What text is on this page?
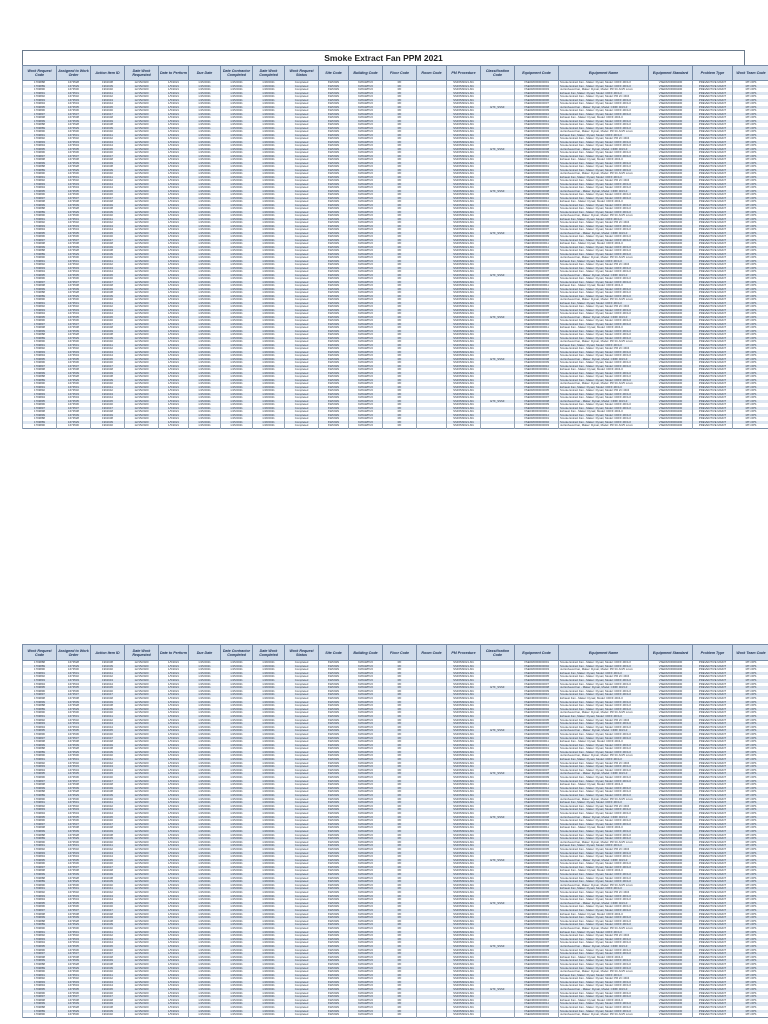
Smoke Extract Fan PPM 2021
Work Request Code	Assigned to Work Order	Action Item ID	Date Work Requested	Date to Perform	Due Date	Date Contractor Completed	Date Work Completed	Work Request Status	Site Code	Building Code	Floor Code	Room Code	PM Procedure	Classification Code	Equipment Code	Equipment Name	Equipment Standard	Problem Type	Work Team Code
1799888	1673528	1991638	12/15/2020	1/5/2021	1/15/2021	1/15/2021	1/18/2021	Completed	KWGWN	KWGWPU6	RF		SSFPM2021-M1		VSEDMOR0000001	Smoke Extract Fan - Maker: Dynair, Model: CDFF 4D/4-0	VSEDMOR000400	PREVENTIVE MAINT	MT-OPS
1799889	1673529	1991639	12/15/2020	1/5/2021	1/15/2021	1/15/2021	1/18/2021	Completed	KWGWN	KWGWPU6	RF		SSFPM2021-M1		VSEDMOR0000002	Smoke Extract Fan - Maker: Dynair, Model: CDFF 4D/4-0	VSEDMOR000400	PREVENTIVE MAINT	MT-OPS
1799890	1673530	1991640	12/15/2020	1/5/2021	1/15/2021	1/15/2021	1/18/2021	Completed	KWGWN	KWGWPU6	RF		SSFPM2021-M1		VSEDMOR0000003	Jet Exhaust Fan, Maker: Dynair, Model: PR 3C AO/5 xxxxx	VSEDMOR000400	PREVENTIVE MAINT	MT-OPS
1799891	1673531	1991641	12/15/2020	1/5/2021	1/15/2021	1/15/2021	1/18/2021	Completed	KWGWN	KWGWPU6	RF		SSFPM2021-M1		VSEDMOR0000004	Exhaust Fan, Maker: Dynair, Model: CDFF 4D/4-0	VSEDMOR000400	PREVENTIVE MAINT	MT-OPS
1799892	1673532	1991642	12/15/2020	1/5/2021	1/15/2021	1/15/2021	1/18/2021	Completed	KWGWN	KWGWPU6	RF		SSFPM2021-M1		VSEDMOR0000005	Smoke Extract Fan - Maker: Dynair, Model: PR 2C 4D/4	VSEDMOR000400	PREVENTIVE MAINT	MT-OPS
1799893	1673533	1991643	12/15/2020	1/5/2021	1/15/2021	1/15/2021	1/18/2021	Completed	KWGWN	KWGWPU6	RF		SSFPM2021-M1		VSEDMOR0000006	Smoke Extract Fan - Maker: Dynair, Model: CDFF 4D/4-0	VSEDMOR000400	PREVENTIVE MAINT	MT-OPS
1799894	1673534	1991644	12/15/2020	1/5/2021	1/15/2021	1/15/2021	1/18/2021	Completed	KWGWN	KWGWPU6	RF		SSFPM2021-M1		VSEDMOR0000007	Smoke Extract Fan - Maker: Dynair, Model: CDFF 4D/4-0	VSEDMOR000400	PREVENTIVE MAINT	MT-OPS
1799895	1673535	1991645	12/15/2020	1/5/2021	1/15/2021	1/15/2021	1/18/2021	Completed	KWGWN	KWGWPU6	RF		SSFPM2021-M1	ETF_SSSF	VSEDMOR0000008	Jet Exhaust Fan - Maker: Dynair, Model: CDFF 4D/4-0	VSEDMOR000400	PREVENTIVE MAINT	MT-OPS
1799896	1673536	1991646	12/15/2020	1/5/2021	1/15/2021	1/15/2021	1/18/2021	Completed	KWGWN	KWGWPU6	RF		SSFPM2021-M1		VSEDMOR0000009	Smoke Extract Fan - Maker: Dynair, Model: CDFF 4D/4-0	VSEDMOR000400	PREVENTIVE MAINT	MT-OPS
1799897	1673537	1991647	12/15/2020	1/5/2021	1/15/2021	1/15/2021	1/18/2021	Completed	KWGWN	KWGWPU6	RF		SSFPM2021-M1		VSEDMOR0000010	Smoke Extract Fan - Maker: Dynair, Model: CDFF 4D/4-0	VSEDMOR000400	PREVENTIVE MAINT	MT-OPS
1799898	1673538	1991648	12/15/2020	1/5/2021	1/15/2021	1/15/2021	1/18/2021	Completed	KWGWN	KWGWPU6	RF		SSFPM2021-M1		VSEDMOR0000011	Exhaust Fan - Maker: Dynair, Model: CDFF 4D/4-0	VSEDMOR000400	PREVENTIVE MAINT	MT-OPS
1799899	1673539	1991649	12/15/2020	1/5/2021	1/15/2021	1/15/2021	1/18/2021	Completed	KWGWN	KWGWPU6	RF		SSFPM2021-M1		VSEDMOR0000012	Smoke Extract Fan - Maker: Dynair, Model: CDFF 4D/4-0	VSEDMOR000400	PREVENTIVE MAINT	MT-OPS
1799888	1673528	1991638	12/15/2020	1/5/2021	1/15/2021	1/15/2021	1/18/2021	Completed	KWGWN	KWGWPU6	RF		SSFPM2021-M1		VSEDMOR0000001	Smoke Extract Fan - Maker: Dynair, Model: CDFF 4D/4-0	VSEDMOR000400	PREVENTIVE MAINT	MT-OPS
1799889	1673529	1991639	12/15/2020	1/5/2021	1/15/2021	1/15/2021	1/18/2021	Completed	KWGWN	KWGWPU6	RF		SSFPM2021-M1		VSEDMOR0000002	Smoke Extract Fan - Maker: Dynair, Model: CDFF 4D/4-0	VSEDMOR000400	PREVENTIVE MAINT	MT-OPS
1799890	1673530	1991640	12/15/2020	1/5/2021	1/15/2021	1/15/2021	1/18/2021	Completed	KWGWN	KWGWPU6	RF		SSFPM2021-M1		VSEDMOR0000003	Jet Exhaust Fan, Maker: Dynair, Model: PR 3C AO/5 xxxxx	VSEDMOR000400	PREVENTIVE MAINT	MT-OPS
1799891	1673531	1991641	12/15/2020	1/5/2021	1/15/2021	1/15/2021	1/18/2021	Completed	KWGWN	KWGWPU6	RF		SSFPM2021-M1		VSEDMOR0000004	Exhaust Fan, Maker: Dynair, Model: CDFF 4D/4-0	VSEDMOR000400	PREVENTIVE MAINT	MT-OPS
1799892	1673532	1991642	12/15/2020	1/5/2021	1/15/2021	1/15/2021	1/18/2021	Completed	KWGWN	KWGWPU6	RF		SSFPM2021-M1		VSEDMOR0000005	Smoke Extract Fan - Maker: Dynair, Model: PR 2C 4D/4	VSEDMOR000400	PREVENTIVE MAINT	MT-OPS
1799893	1673533	1991643	12/15/2020	1/5/2021	1/15/2021	1/15/2021	1/18/2021	Completed	KWGWN	KWGWPU6	RF		SSFPM2021-M1		VSEDMOR0000006	Smoke Extract Fan - Maker: Dynair, Model: CDFF 4D/4-0	VSEDMOR000400	PREVENTIVE MAINT	MT-OPS
1799894	1673534	1991644	12/15/2020	1/5/2021	1/15/2021	1/15/2021	1/18/2021	Completed	KWGWN	KWGWPU6	RF		SSFPM2021-M1		VSEDMOR0000007	Smoke Extract Fan - Maker: Dynair, Model: CDFF 4D/4-0	VSEDMOR000400	PREVENTIVE MAINT	MT-OPS
1799895	1673535	1991645	12/15/2020	1/5/2021	1/15/2021	1/15/2021	1/18/2021	Completed	KWGWN	KWGWPU6	RF		SSFPM2021-M1	ETF_SSSF	VSEDMOR0000008	Jet Exhaust Fan - Maker: Dynair, Model: CDFF 4D/4-0	VSEDMOR000400	PREVENTIVE MAINT	MT-OPS
1799896	1673536	1991646	12/15/2020	1/5/2021	1/15/2021	1/15/2021	1/18/2021	Completed	KWGWN	KWGWPU6	RF		SSFPM2021-M1		VSEDMOR0000009	Smoke Extract Fan - Maker: Dynair, Model: CDFF 4D/4-0	VSEDMOR000400	PREVENTIVE MAINT	MT-OPS
1799897	1673537	1991647	12/15/2020	1/5/2021	1/15/2021	1/15/2021	1/18/2021	Completed	KWGWN	KWGWPU6	RF		SSFPM2021-M1		VSEDMOR0000010	Smoke Extract Fan - Maker: Dynair, Model: CDFF 4D/4-0	VSEDMOR000400	PREVENTIVE MAINT	MT-OPS
1799898	1673538	1991648	12/15/2020	1/5/2021	1/15/2021	1/15/2021	1/18/2021	Completed	KWGWN	KWGWPU6	RF		SSFPM2021-M1		VSEDMOR0000011	Exhaust Fan - Maker: Dynair, Model: CDFF 4D/4-0	VSEDMOR000400	PREVENTIVE MAINT	MT-OPS
1799899	1673539	1991649	12/15/2020	1/5/2021	1/15/2021	1/15/2021	1/18/2021	Completed	KWGWN	KWGWPU6	RF		SSFPM2021-M1		VSEDMOR0000012	Smoke Extract Fan - Maker: Dynair, Model: CDFF 4D/4-0	VSEDMOR000400	PREVENTIVE MAINT	MT-OPS
1799888	1673528	1991638	12/15/2020	1/5/2021	1/15/2021	1/15/2021	1/18/2021	Completed	KWGWN	KWGWPU6	RF		SSFPM2021-M1		VSEDMOR0000001	Smoke Extract Fan - Maker: Dynair, Model: CDFF 4D/4-0	VSEDMOR000400	PREVENTIVE MAINT	MT-OPS
1799889	1673529	1991639	12/15/2020	1/5/2021	1/15/2021	1/15/2021	1/18/2021	Completed	KWGWN	KWGWPU6	RF		SSFPM2021-M1		VSEDMOR0000002	Smoke Extract Fan - Maker: Dynair, Model: CDFF 4D/4-0	VSEDMOR000400	PREVENTIVE MAINT	MT-OPS
1799890	1673530	1991640	12/15/2020	1/5/2021	1/15/2021	1/15/2021	1/18/2021	Completed	KWGWN	KWGWPU6	RF		SSFPM2021-M1		VSEDMOR0000003	Jet Exhaust Fan, Maker: Dynair, Model: PR 3C AO/5 xxxxx	VSEDMOR000400	PREVENTIVE MAINT	MT-OPS
1799891	1673531	1991641	12/15/2020	1/5/2021	1/15/2021	1/15/2021	1/18/2021	Completed	KWGWN	KWGWPU6	RF		SSFPM2021-M1		VSEDMOR0000004	Exhaust Fan, Maker: Dynair, Model: CDFF 4D/4-0	VSEDMOR000400	PREVENTIVE MAINT	MT-OPS
1799892	1673532	1991642	12/15/2020	1/5/2021	1/15/2021	1/15/2021	1/18/2021	Completed	KWGWN	KWGWPU6	RF		SSFPM2021-M1		VSEDMOR0000005	Smoke Extract Fan - Maker: Dynair, Model: PR 2C 4D/4	VSEDMOR000400	PREVENTIVE MAINT	MT-OPS
1799893	1673533	1991643	12/15/2020	1/5/2021	1/15/2021	1/15/2021	1/18/2021	Completed	KWGWN	KWGWPU6	RF		SSFPM2021-M1		VSEDMOR0000006	Smoke Extract Fan - Maker: Dynair, Model: CDFF 4D/4-0	VSEDMOR000400	PREVENTIVE MAINT	MT-OPS
1799894	1673534	1991644	12/15/2020	1/5/2021	1/15/2021	1/15/2021	1/18/2021	Completed	KWGWN	KWGWPU6	RF		SSFPM2021-M1		VSEDMOR0000007	Smoke Extract Fan - Maker: Dynair, Model: CDFF 4D/4-0	VSEDMOR000400	PREVENTIVE MAINT	MT-OPS
1799895	1673535	1991645	12/15/2020	1/5/2021	1/15/2021	1/15/2021	1/18/2021	Completed	KWGWN	KWGWPU6	RF		SSFPM2021-M1	ETF_SSSF	VSEDMOR0000008	Jet Exhaust Fan - Maker: Dynair, Model: CDFF 4D/4-0	VSEDMOR000400	PREVENTIVE MAINT	MT-OPS
1799896	1673536	1991646	12/15/2020	1/5/2021	1/15/2021	1/15/2021	1/18/2021	Completed	KWGWN	KWGWPU6	RF		SSFPM2021-M1		VSEDMOR0000009	Smoke Extract Fan - Maker: Dynair, Model: CDFF 4D/4-0	VSEDMOR000400	PREVENTIVE MAINT	MT-OPS
1799897	1673537	1991647	12/15/2020	1/5/2021	1/15/2021	1/15/2021	1/18/2021	Completed	KWGWN	KWGWPU6	RF		SSFPM2021-M1		VSEDMOR0000010	Smoke Extract Fan - Maker: Dynair, Model: CDFF 4D/4-0	VSEDMOR000400	PREVENTIVE MAINT	MT-OPS
1799898	1673538	1991648	12/15/2020	1/5/2021	1/15/2021	1/15/2021	1/18/2021	Completed	KWGWN	KWGWPU6	RF		SSFPM2021-M1		VSEDMOR0000011	Exhaust Fan - Maker: Dynair, Model: CDFF 4D/4-0	VSEDMOR000400	PREVENTIVE MAINT	MT-OPS
1799899	1673539	1991649	12/15/2020	1/5/2021	1/15/2021	1/15/2021	1/18/2021	Completed	KWGWN	KWGWPU6	RF		SSFPM2021-M1		VSEDMOR0000012	Smoke Extract Fan - Maker: Dynair, Model: CDFF 4D/4-0	VSEDMOR000400	PREVENTIVE MAINT	MT-OPS
1799888	1673528	1991638	12/15/2020	1/5/2021	1/15/2021	1/15/2021	1/18/2021	Completed	KWGWN	KWGWPU6	RF		SSFPM2021-M1		VSEDMOR0000001	Smoke Extract Fan - Maker: Dynair, Model: CDFF 4D/4-0	VSEDMOR000400	PREVENTIVE MAINT	MT-OPS
1799889	1673529	1991639	12/15/2020	1/5/2021	1/15/2021	1/15/2021	1/18/2021	Completed	KWGWN	KWGWPU6	RF		SSFPM2021-M1		VSEDMOR0000002	Smoke Extract Fan - Maker: Dynair, Model: CDFF 4D/4-0	VSEDMOR000400	PREVENTIVE MAINT	MT-OPS
1799890	1673530	1991640	12/15/2020	1/5/2021	1/15/2021	1/15/2021	1/18/2021	Completed	KWGWN	KWGWPU6	RF		SSFPM2021-M1		VSEDMOR0000003	Jet Exhaust Fan, Maker: Dynair, Model: PR 3C AO/5 xxxxx	VSEDMOR000400	PREVENTIVE MAINT	MT-OPS
1799891	1673531	1991641	12/15/2020	1/5/2021	1/15/2021	1/15/2021	1/18/2021	Completed	KWGWN	KWGWPU6	RF		SSFPM2021-M1		VSEDMOR0000004	Exhaust Fan, Maker: Dynair, Model: CDFF 4D/4-0	VSEDMOR000400	PREVENTIVE MAINT	MT-OPS
1799892	1673532	1991642	12/15/2020	1/5/2021	1/15/2021	1/15/2021	1/18/2021	Completed	KWGWN	KWGWPU6	RF		SSFPM2021-M1		VSEDMOR0000005	Smoke Extract Fan - Maker: Dynair, Model: PR 2C 4D/4	VSEDMOR000400	PREVENTIVE MAINT	MT-OPS
1799893	1673533	1991643	12/15/2020	1/5/2021	1/15/2021	1/15/2021	1/18/2021	Completed	KWGWN	KWGWPU6	RF		SSFPM2021-M1		VSEDMOR0000006	Smoke Extract Fan - Maker: Dynair, Model: CDFF 4D/4-0	VSEDMOR000400	PREVENTIVE MAINT	MT-OPS
1799894	1673534	1991644	12/15/2020	1/5/2021	1/15/2021	1/15/2021	1/18/2021	Completed	KWGWN	KWGWPU6	RF		SSFPM2021-M1		VSEDMOR0000007	Smoke Extract Fan - Maker: Dynair, Model: CDFF 4D/4-0	VSEDMOR000400	PREVENTIVE MAINT	MT-OPS
1799895	1673535	1991645	12/15/2020	1/5/2021	1/15/2021	1/15/2021	1/18/2021	Completed	KWGWN	KWGWPU6	RF		SSFPM2021-M1	ETF_SSSF	VSEDMOR0000008	Jet Exhaust Fan - Maker: Dynair, Model: CDFF 4D/4-0	VSEDMOR000400	PREVENTIVE MAINT	MT-OPS
1799896	1673536	1991646	12/15/2020	1/5/2021	1/15/2021	1/15/2021	1/18/2021	Completed	KWGWN	KWGWPU6	RF		SSFPM2021-M1		VSEDMOR0000009	Smoke Extract Fan - Maker: Dynair, Model: CDFF 4D/4-0	VSEDMOR000400	PREVENTIVE MAINT	MT-OPS
1799897	1673537	1991647	12/15/2020	1/5/2021	1/15/2021	1/15/2021	1/18/2021	Completed	KWGWN	KWGWPU6	RF		SSFPM2021-M1		VSEDMOR0000010	Smoke Extract Fan - Maker: Dynair, Model: CDFF 4D/4-0	VSEDMOR000400	PREVENTIVE MAINT	MT-OPS
1799898	1673538	1991648	12/15/2020	1/5/2021	1/15/2021	1/15/2021	1/18/2021	Completed	KWGWN	KWGWPU6	RF		SSFPM2021-M1		VSEDMOR0000011	Exhaust Fan - Maker: Dynair, Model: CDFF 4D/4-0	VSEDMOR000400	PREVENTIVE MAINT	MT-OPS
1799899	1673539	1991649	12/15/2020	1/5/2021	1/15/2021	1/15/2021	1/18/2021	Completed	KWGWN	KWGWPU6	RF		SSFPM2021-M1		VSEDMOR0000012	Smoke Extract Fan - Maker: Dynair, Model: CDFF 4D/4-0	VSEDMOR000400	PREVENTIVE MAINT	MT-OPS
1799888	1673528	1991638	12/15/2020	1/5/2021	1/15/2021	1/15/2021	1/18/2021	Completed	KWGWN	KWGWPU6	RF		SSFPM2021-M1		VSEDMOR0000001	Smoke Extract Fan - Maker: Dynair, Model: CDFF 4D/4-0	VSEDMOR000400	PREVENTIVE MAINT	MT-OPS
1799889	1673529	1991639	12/15/2020	1/5/2021	1/15/2021	1/15/2021	1/18/2021	Completed	KWGWN	KWGWPU6	RF		SSFPM2021-M1		VSEDMOR0000002	Smoke Extract Fan - Maker: Dynair, Model: CDFF 4D/4-0	VSEDMOR000400	PREVENTIVE MAINT	MT-OPS
1799890	1673530	1991640	12/15/2020	1/5/2021	1/15/2021	1/15/2021	1/18/2021	Completed	KWGWN	KWGWPU6	RF		SSFPM2021-M1		VSEDMOR0000003	Jet Exhaust Fan, Maker: Dynair, Model: PR 3C AO/5 xxxxx	VSEDMOR000400	PREVENTIVE MAINT	MT-OPS
1799891	1673531	1991641	12/15/2020	1/5/2021	1/15/2021	1/15/2021	1/18/2021	Completed	KWGWN	KWGWPU6	RF		SSFPM2021-M1		VSEDMOR0000004	Exhaust Fan, Maker: Dynair, Model: CDFF 4D/4-0	VSEDMOR000400	PREVENTIVE MAINT	MT-OPS
1799892	1673532	1991642	12/15/2020	1/5/2021	1/15/2021	1/15/2021	1/18/2021	Completed	KWGWN	KWGWPU6	RF		SSFPM2021-M1		VSEDMOR0000005	Smoke Extract Fan - Maker: Dynair, Model: PR 2C 4D/4	VSEDMOR000400	PREVENTIVE MAINT	MT-OPS
1799893	1673533	1991643	12/15/2020	1/5/2021	1/15/2021	1/15/2021	1/18/2021	Completed	KWGWN	KWGWPU6	RF		SSFPM2021-M1		VSEDMOR0000006	Smoke Extract Fan - Maker: Dynair, Model: CDFF 4D/4-0	VSEDMOR000400	PREVENTIVE MAINT	MT-OPS
1799894	1673534	1991644	12/15/2020	1/5/2021	1/15/2021	1/15/2021	1/18/2021	Completed	KWGWN	KWGWPU6	RF		SSFPM2021-M1		VSEDMOR0000007	Smoke Extract Fan - Maker: Dynair, Model: CDFF 4D/4-0	VSEDMOR000400	PREVENTIVE MAINT	MT-OPS
1799895	1673535	1991645	12/15/2020	1/5/2021	1/15/2021	1/15/2021	1/18/2021	Completed	KWGWN	KWGWPU6	RF		SSFPM2021-M1	ETF_SSSF	VSEDMOR0000008	Jet Exhaust Fan - Maker: Dynair, Model: CDFF 4D/4-0	VSEDMOR000400	PREVENTIVE MAINT	MT-OPS
1799896	1673536	1991646	12/15/2020	1/5/2021	1/15/2021	1/15/2021	1/18/2021	Completed	KWGWN	KWGWPU6	RF		SSFPM2021-M1		VSEDMOR0000009	Smoke Extract Fan - Maker: Dynair, Model: CDFF 4D/4-0	VSEDMOR000400	PREVENTIVE MAINT	MT-OPS
1799897	1673537	1991647	12/15/2020	1/5/2021	1/15/2021	1/15/2021	1/18/2021	Completed	KWGWN	KWGWPU6	RF		SSFPM2021-M1		VSEDMOR0000010	Smoke Extract Fan - Maker: Dynair, Model: CDFF 4D/4-0	VSEDMOR000400	PREVENTIVE MAINT	MT-OPS
1799898	1673538	1991648	12/15/2020	1/5/2021	1/15/2021	1/15/2021	1/18/2021	Completed	KWGWN	KWGWPU6	RF		SSFPM2021-M1		VSEDMOR0000011	Exhaust Fan - Maker: Dynair, Model: CDFF 4D/4-0	VSEDMOR000400	PREVENTIVE MAINT	MT-OPS
1799899	1673539	1991649	12/15/2020	1/5/2021	1/15/2021	1/15/2021	1/18/2021	Completed	KWGWN	KWGWPU6	RF		SSFPM2021-M1		VSEDMOR0000012	Smoke Extract Fan - Maker: Dynair, Model: CDFF 4D/4-0	VSEDMOR000400	PREVENTIVE MAINT	MT-OPS
1799888	1673528	1991638	12/15/2020	1/5/2021	1/15/2021	1/15/2021	1/18/2021	Completed	KWGWN	KWGWPU6	RF		SSFPM2021-M1		VSEDMOR0000001	Smoke Extract Fan - Maker: Dynair, Model: CDFF 4D/4-0	VSEDMOR000400	PREVENTIVE MAINT	MT-OPS
1799889	1673529	1991639	12/15/2020	1/5/2021	1/15/2021	1/15/2021	1/18/2021	Completed	KWGWN	KWGWPU6	RF		SSFPM2021-M1		VSEDMOR0000002	Smoke Extract Fan - Maker: Dynair, Model: CDFF 4D/4-0	VSEDMOR000400	PREVENTIVE MAINT	MT-OPS
1799890	1673530	1991640	12/15/2020	1/5/2021	1/15/2021	1/15/2021	1/18/2021	Completed	KWGWN	KWGWPU6	RF		SSFPM2021-M1		VSEDMOR0000003	Jet Exhaust Fan, Maker: Dynair, Model: PR 3C AO/5 xxxxx	VSEDMOR000400	PREVENTIVE MAINT	MT-OPS
1799891	1673531	1991641	12/15/2020	1/5/2021	1/15/2021	1/15/2021	1/18/2021	Completed	KWGWN	KWGWPU6	RF		SSFPM2021-M1		VSEDMOR0000004	Exhaust Fan, Maker: Dynair, Model: CDFF 4D/4-0	VSEDMOR000400	PREVENTIVE MAINT	MT-OPS
1799892	1673532	1991642	12/15/2020	1/5/2021	1/15/2021	1/15/2021	1/18/2021	Completed	KWGWN	KWGWPU6	RF		SSFPM2021-M1		VSEDMOR0000005	Smoke Extract Fan - Maker: Dynair, Model: PR 2C 4D/4	VSEDMOR000400	PREVENTIVE MAINT	MT-OPS
1799893	1673533	1991643	12/15/2020	1/5/2021	1/15/2021	1/15/2021	1/18/2021	Completed	KWGWN	KWGWPU6	RF		SSFPM2021-M1		VSEDMOR0000006	Smoke Extract Fan - Maker: Dynair, Model: CDFF 4D/4-0	VSEDMOR000400	PREVENTIVE MAINT	MT-OPS
1799894	1673534	1991644	12/15/2020	1/5/2021	1/15/2021	1/15/2021	1/18/2021	Completed	KWGWN	KWGWPU6	RF		SSFPM2021-M1		VSEDMOR0000007	Smoke Extract Fan - Maker: Dynair, Model: CDFF 4D/4-0	VSEDMOR000400	PREVENTIVE MAINT	MT-OPS
1799895	1673535	1991645	12/15/2020	1/5/2021	1/15/2021	1/15/2021	1/18/2021	Completed	KWGWN	KWGWPU6	RF		SSFPM2021-M1	ETF_SSSF	VSEDMOR0000008	Jet Exhaust Fan - Maker: Dynair, Model: CDFF 4D/4-0	VSEDMOR000400	PREVENTIVE MAINT	MT-OPS
1799896	1673536	1991646	12/15/2020	1/5/2021	1/15/2021	1/15/2021	1/18/2021	Completed	KWGWN	KWGWPU6	RF		SSFPM2021-M1		VSEDMOR0000009	Smoke Extract Fan - Maker: Dynair, Model: CDFF 4D/4-0	VSEDMOR000400	PREVENTIVE MAINT	MT-OPS
1799897	1673537	1991647	12/15/2020	1/5/2021	1/15/2021	1/15/2021	1/18/2021	Completed	KWGWN	KWGWPU6	RF		SSFPM2021-M1		VSEDMOR0000010	Smoke Extract Fan - Maker: Dynair, Model: CDFF 4D/4-0	VSEDMOR000400	PREVENTIVE MAINT	MT-OPS
1799898	1673538	1991648	12/15/2020	1/5/2021	1/15/2021	1/15/2021	1/18/2021	Completed	KWGWN	KWGWPU6	RF		SSFPM2021-M1		VSEDMOR0000011	Exhaust Fan - Maker: Dynair, Model: CDFF 4D/4-0	VSEDMOR000400	PREVENTIVE MAINT	MT-OPS
1799899	1673539	1991649	12/15/2020	1/5/2021	1/15/2021	1/15/2021	1/18/2021	Completed	KWGWN	KWGWPU6	RF		SSFPM2021-M1		VSEDMOR0000012	Smoke Extract Fan - Maker: Dynair, Model: CDFF 4D/4-0	VSEDMOR000400	PREVENTIVE MAINT	MT-OPS
1799888	1673528	1991638	12/15/2020	1/5/2021	1/15/2021	1/15/2021	1/18/2021	Completed	KWGWN	KWGWPU6	RF		SSFPM2021-M1		VSEDMOR0000001	Smoke Extract Fan - Maker: Dynair, Model: CDFF 4D/4-0	VSEDMOR000400	PREVENTIVE MAINT	MT-OPS
1799889	1673529	1991639	12/15/2020	1/5/2021	1/15/2021	1/15/2021	1/18/2021	Completed	KWGWN	KWGWPU6	RF		SSFPM2021-M1		VSEDMOR0000002	Smoke Extract Fan - Maker: Dynair, Model: CDFF 4D/4-0	VSEDMOR000400	PREVENTIVE MAINT	MT-OPS
1799890	1673530	1991640	12/15/2020	1/5/2021	1/15/2021	1/15/2021	1/18/2021	Completed	KWGWN	KWGWPU6	RF		SSFPM2021-M1		VSEDMOR0000003	Jet Exhaust Fan, Maker: Dynair, Model: PR 3C AO/5 xxxxx	VSEDMOR000400	PREVENTIVE MAINT	MT-OPS
1799891	1673531	1991641	12/15/2020	1/5/2021	1/15/2021	1/15/2021	1/18/2021	Completed	KWGWN	KWGWPU6	RF		SSFPM2021-M1		VSEDMOR0000004	Exhaust Fan, Maker: Dynair, Model: CDFF 4D/4-0	VSEDMOR000400	PREVENTIVE MAINT	MT-OPS
1799892	1673532	1991642	12/15/2020	1/5/2021	1/15/2021	1/15/2021	1/18/2021	Completed	KWGWN	KWGWPU6	RF		SSFPM2021-M1		VSEDMOR0000005	Smoke Extract Fan - Maker: Dynair, Model: PR 2C 4D/4	VSEDMOR000400	PREVENTIVE MAINT	MT-OPS
1799893	1673533	1991643	12/15/2020	1/5/2021	1/15/2021	1/15/2021	1/18/2021	Completed	KWGWN	KWGWPU6	RF		SSFPM2021-M1		VSEDMOR0000006	Smoke Extract Fan - Maker: Dynair, Model: CDFF 4D/4-0	VSEDMOR000400	PREVENTIVE MAINT	MT-OPS
1799894	1673534	1991644	12/15/2020	1/5/2021	1/15/2021	1/15/2021	1/18/2021	Completed	KWGWN	KWGWPU6	RF		SSFPM2021-M1		VSEDMOR0000007	Smoke Extract Fan - Maker: Dynair, Model: CDFF 4D/4-0	VSEDMOR000400	PREVENTIVE MAINT	MT-OPS
1799895	1673535	1991645	12/15/2020	1/5/2021	1/15/2021	1/15/2021	1/18/2021	Completed	KWGWN	KWGWPU6	RF		SSFPM2021-M1	ETF_SSSF	VSEDMOR0000008	Jet Exhaust Fan - Maker: Dynair, Model: CDFF 4D/4-0	VSEDMOR000400	PREVENTIVE MAINT	MT-OPS
1799896	1673536	1991646	12/15/2020	1/5/2021	1/15/2021	1/15/2021	1/18/2021	Completed	KWGWN	KWGWPU6	RF		SSFPM2021-M1		VSEDMOR0000009	Smoke Extract Fan - Maker: Dynair, Model: CDFF 4D/4-0	VSEDMOR000400	PREVENTIVE MAINT	MT-OPS
1799897	1673537	1991647	12/15/2020	1/5/2021	1/15/2021	1/15/2021	1/18/2021	Completed	KWGWN	KWGWPU6	RF		SSFPM2021-M1		VSEDMOR0000010	Smoke Extract Fan - Maker: Dynair, Model: CDFF 4D/4-0	VSEDMOR000400	PREVENTIVE MAINT	MT-OPS
1799898	1673538	1991648	12/15/2020	1/5/2021	1/15/2021	1/15/2021	1/18/2021	Completed	KWGWN	KWGWPU6	RF		SSFPM2021-M1		VSEDMOR0000011	Exhaust Fan - Maker: Dynair, Model: CDFF 4D/4-0	VSEDMOR000400	PREVENTIVE MAINT	MT-OPS
1799899	1673539	1991649	12/15/2020	1/5/2021	1/15/2021	1/15/2021	1/18/2021	Completed	KWGWN	KWGWPU6	RF		SSFPM2021-M1		VSEDMOR0000012	Smoke Extract Fan - Maker: Dynair, Model: CDFF 4D/4-0	VSEDMOR000400	PREVENTIVE MAINT	MT-OPS
1799888	1673528	1991638	12/15/2020	1/5/2021	1/15/2021	1/15/2021	1/18/2021	Completed	KWGWN	KWGWPU6	RF		SSFPM2021-M1		VSEDMOR0000001	Smoke Extract Fan - Maker: Dynair, Model: CDFF 4D/4-0	VSEDMOR000400	PREVENTIVE MAINT	MT-OPS
1799889	1673529	1991639	12/15/2020	1/5/2021	1/15/2021	1/15/2021	1/18/2021	Completed	KWGWN	KWGWPU6	RF		SSFPM2021-M1		VSEDMOR0000002	Smoke Extract Fan - Maker: Dynair, Model: CDFF 4D/4-0	VSEDMOR000400	PREVENTIVE MAINT	MT-OPS
1799890	1673530	1991640	12/15/2020	1/5/2021	1/15/2021	1/15/2021	1/18/2021	Completed	KWGWN	KWGWPU6	RF		SSFPM2021-M1		VSEDMOR0000003	Jet Exhaust Fan, Maker: Dynair, Model: PR 3C AO/5 xxxxx	VSEDMOR000400	PREVENTIVE MAINT	MT-OPS
1799891	1673531	1991641	12/15/2020	1/5/2021	1/15/2021	1/15/2021	1/18/2021	Completed	KWGWN	KWGWPU6	RF		SSFPM2021-M1		VSEDMOR0000004	Exhaust Fan, Maker: Dynair, Model: CDFF 4D/4-0	VSEDMOR000400	PREVENTIVE MAINT	MT-OPS
1799892	1673532	1991642	12/15/2020	1/5/2021	1/15/2021	1/15/2021	1/18/2021	Completed	KWGWN	KWGWPU6	RF		SSFPM2021-M1		VSEDMOR0000005	Smoke Extract Fan - Maker: Dynair, Model: PR 2C 4D/4	VSEDMOR000400	PREVENTIVE MAINT	MT-OPS
1799893	1673533	1991643	12/15/2020	1/5/2021	1/15/2021	1/15/2021	1/18/2021	Completed	KWGWN	KWGWPU6	RF		SSFPM2021-M1		VSEDMOR0000006	Smoke Extract Fan - Maker: Dynair, Model: CDFF 4D/4-0	VSEDMOR000400	PREVENTIVE MAINT	MT-OPS
1799894	1673534	1991644	12/15/2020	1/5/2021	1/15/2021	1/15/2021	1/18/2021	Completed	KWGWN	KWGWPU6	RF		SSFPM2021-M1		VSEDMOR0000007	Smoke Extract Fan - Maker: Dynair, Model: CDFF 4D/4-0	VSEDMOR000400	PREVENTIVE MAINT	MT-OPS
1799895	1673535	1991645	12/15/2020	1/5/2021	1/15/2021	1/15/2021	1/18/2021	Completed	KWGWN	KWGWPU6	RF		SSFPM2021-M1	ETF_SSSF	VSEDMOR0000008	Jet Exhaust Fan - Maker: Dynair, Model: CDFF 4D/4-0	VSEDMOR000400	PREVENTIVE MAINT	MT-OPS
1799896	1673536	1991646	12/15/2020	1/5/2021	1/15/2021	1/15/2021	1/18/2021	Completed	KWGWN	KWGWPU6	RF		SSFPM2021-M1		VSEDMOR0000009	Smoke Extract Fan - Maker: Dynair, Model: CDFF 4D/4-0	VSEDMOR000400	PREVENTIVE MAINT	MT-OPS
1799897	1673537	1991647	12/15/2020	1/5/2021	1/15/2021	1/15/2021	1/18/2021	Completed	KWGWN	KWGWPU6	RF		SSFPM2021-M1		VSEDMOR0000010	Smoke Extract Fan - Maker: Dynair, Model: CDFF 4D/4-0	VSEDMOR000400	PREVENTIVE MAINT	MT-OPS
1799898	1673538	1991648	12/15/2020	1/5/2021	1/15/2021	1/15/2021	1/18/2021	Completed	KWGWN	KWGWPU6	RF		SSFPM2021-M1		VSEDMOR0000011	Exhaust Fan - Maker: Dynair, Model: CDFF 4D/4-0	VSEDMOR000400	PREVENTIVE MAINT	MT-OPS
1799899	1673539	1991649	12/15/2020	1/5/2021	1/15/2021	1/15/2021	1/18/2021	Completed	KWGWN	KWGWPU6	RF		SSFPM2021-M1		VSEDMOR0000012	Smoke Extract Fan - Maker: Dynair, Model: CDFF 4D/4-0	VSEDMOR000400	PREVENTIVE MAINT	MT-OPS
1799888	1673528	1991638	12/15/2020	1/5/2021	1/15/2021	1/15/2021	1/18/2021	Completed	KWGWN	KWGWPU6	RF		SSFPM2021-M1		VSEDMOR0000001	Smoke Extract Fan - Maker: Dynair, Model: CDFF 4D/4-0	VSEDMOR000400	PREVENTIVE MAINT	MT-OPS
1799889	1673529	1991639	12/15/2020	1/5/2021	1/15/2021	1/15/2021	1/18/2021	Completed	KWGWN	KWGWPU6	RF		SSFPM2021-M1		VSEDMOR0000002	Smoke Extract Fan - Maker: Dynair, Model: CDFF 4D/4-0	VSEDMOR000400	PREVENTIVE MAINT	MT-OPS
1799890	1673530	1991640	12/15/2020	1/5/2021	1/15/2021	1/15/2021	1/18/2021	Completed	KWGWN	KWGWPU6	RF		SSFPM2021-M1		VSEDMOR0000003	Jet Exhaust Fan, Maker: Dynair, Model: PR 3C AO/5 xxxxx	VSEDMOR000400	PREVENTIVE MAINT	MT-OPS
Work Request Code	Assigned to Work Order	Action Item ID	Date Work Requested	Date to Perform	Due Date	Date Contractor Completed	Date Work Completed	Work Request Status	Site Code	Building Code	Floor Code	Room Code	PM Procedure	Classification Code	Equipment Code	Equipment Name	Equipment Standard	Problem Type	Work Team Code
1799888	1673528	1991638	12/15/2020	1/5/2021	1/15/2021	1/15/2021	1/18/2021	Completed	KWGWN	KWGWPU6	RF		SSFPM2021-M1		VSEDMOR0000001	Smoke Extract Fan - Maker: Dynair, Model: CDFF 4D/4-0	VSEDMOR000400	PREVENTIVE MAINT	MT-OPS
1799889	1673529	1991639	12/15/2020	1/5/2021	1/15/2021	1/15/2021	1/18/2021	Completed	KWGWN	KWGWPU6	RF		SSFPM2021-M1		VSEDMOR0000002	Smoke Extract Fan - Maker: Dynair, Model: CDFF 4D/4-0	VSEDMOR000400	PREVENTIVE MAINT	MT-OPS
1799890	1673530	1991640	12/15/2020	1/5/2021	1/15/2021	1/15/2021	1/18/2021	Completed	KWGWN	KWGWPU6	RF		SSFPM2021-M1		VSEDMOR0000003	Jet Exhaust Fan, Maker: Dynair, Model: PR 3C AO/5 xxxxx	VSEDMOR000400	PREVENTIVE MAINT	MT-OPS
1799891	1673531	1991641	12/15/2020	1/5/2021	1/15/2021	1/15/2021	1/18/2021	Completed	KWGWN	KWGWPU6	RF		SSFPM2021-M1		VSEDMOR0000004	Exhaust Fan, Maker: Dynair, Model: CDFF 4D/4-0	VSEDMOR000400	PREVENTIVE MAINT	MT-OPS
1799892	1673532	1991642	12/15/2020	1/5/2021	1/15/2021	1/15/2021	1/18/2021	Completed	KWGWN	KWGWPU6	RF		SSFPM2021-M1		VSEDMOR0000005	Smoke Extract Fan - Maker: Dynair, Model: PR 2C 4D/4	VSEDMOR000400	PREVENTIVE MAINT	MT-OPS
1799893	1673533	1991643	12/15/2020	1/5/2021	1/15/2021	1/15/2021	1/18/2021	Completed	KWGWN	KWGWPU6	RF		SSFPM2021-M1		VSEDMOR0000006	Smoke Extract Fan - Maker: Dynair, Model: CDFF 4D/4-0	VSEDMOR000400	PREVENTIVE MAINT	MT-OPS
1799894	1673534	1991644	12/15/2020	1/5/2021	1/15/2021	1/15/2021	1/18/2021	Completed	KWGWN	KWGWPU6	RF		SSFPM2021-M1		VSEDMOR0000007	Smoke Extract Fan - Maker: Dynair, Model: CDFF 4D/4-0	VSEDMOR000400	PREVENTIVE MAINT	MT-OPS
1799895	1673535	1991645	12/15/2020	1/5/2021	1/15/2021	1/15/2021	1/18/2021	Completed	KWGWN	KWGWPU6	RF		SSFPM2021-M1	ETF_SSSF	VSEDMOR0000008	Jet Exhaust Fan - Maker: Dynair, Model: CDFF 4D/4-0	VSEDMOR000400	PREVENTIVE MAINT	MT-OPS
1799896	1673536	1991646	12/15/2020	1/5/2021	1/15/2021	1/15/2021	1/18/2021	Completed	KWGWN	KWGWPU6	RF		SSFPM2021-M1		VSEDMOR0000009	Smoke Extract Fan - Maker: Dynair, Model: CDFF 4D/4-0	VSEDMOR000400	PREVENTIVE MAINT	MT-OPS
1799897	1673537	1991647	12/15/2020	1/5/2021	1/15/2021	1/15/2021	1/18/2021	Completed	KWGWN	KWGWPU6	RF		SSFPM2021-M1		VSEDMOR0000010	Smoke Extract Fan - Maker: Dynair, Model: CDFF 4D/4-0	VSEDMOR000400	PREVENTIVE MAINT	MT-OPS
1799898	1673538	1991648	12/15/2020	1/5/2021	1/15/2021	1/15/2021	1/18/2021	Completed	KWGWN	KWGWPU6	RF		SSFPM2021-M1		VSEDMOR0000011	Exhaust Fan - Maker: Dynair, Model: CDFF 4D/4-0	VSEDMOR000400	PREVENTIVE MAINT	MT-OPS
1799899	1673539	1991649	12/15/2020	1/5/2021	1/15/2021	1/15/2021	1/18/2021	Completed	KWGWN	KWGWPU6	RF		SSFPM2021-M1		VSEDMOR0000012	Smoke Extract Fan - Maker: Dynair, Model: CDFF 4D/4-0	VSEDMOR000400	PREVENTIVE MAINT	MT-OPS
1799888	1673528	1991638	12/15/2020	1/5/2021	1/15/2021	1/15/2021	1/18/2021	Completed	KWGWN	KWGWPU6	RF		SSFPM2021-M1		VSEDMOR0000001	Smoke Extract Fan - Maker: Dynair, Model: CDFF 4D/4-0	VSEDMOR000400	PREVENTIVE MAINT	MT-OPS
1799889	1673529	1991639	12/15/2020	1/5/2021	1/15/2021	1/15/2021	1/18/2021	Completed	KWGWN	KWGWPU6	RF		SSFPM2021-M1		VSEDMOR0000002	Smoke Extract Fan - Maker: Dynair, Model: CDFF 4D/4-0	VSEDMOR000400	PREVENTIVE MAINT	MT-OPS
1799890	1673530	1991640	12/15/2020	1/5/2021	1/15/2021	1/15/2021	1/18/2021	Completed	KWGWN	KWGWPU6	RF		SSFPM2021-M1		VSEDMOR0000003	Jet Exhaust Fan, Maker: Dynair, Model: PR 3C AO/5 xxxxx	VSEDMOR000400	PREVENTIVE MAINT	MT-OPS
1799891	1673531	1991641	12/15/2020	1/5/2021	1/15/2021	1/15/2021	1/18/2021	Completed	KWGWN	KWGWPU6	RF		SSFPM2021-M1		VSEDMOR0000004	Exhaust Fan, Maker: Dynair, Model: CDFF 4D/4-0	VSEDMOR000400	PREVENTIVE MAINT	MT-OPS
1799892	1673532	1991642	12/15/2020	1/5/2021	1/15/2021	1/15/2021	1/18/2021	Completed	KWGWN	KWGWPU6	RF		SSFPM2021-M1		VSEDMOR0000005	Smoke Extract Fan - Maker: Dynair, Model: PR 2C 4D/4	VSEDMOR000400	PREVENTIVE MAINT	MT-OPS
1799893	1673533	1991643	12/15/2020	1/5/2021	1/15/2021	1/15/2021	1/18/2021	Completed	KWGWN	KWGWPU6	RF		SSFPM2021-M1		VSEDMOR0000006	Smoke Extract Fan - Maker: Dynair, Model: CDFF 4D/4-0	VSEDMOR000400	PREVENTIVE MAINT	MT-OPS
1799894	1673534	1991644	12/15/2020	1/5/2021	1/15/2021	1/15/2021	1/18/2021	Completed	KWGWN	KWGWPU6	RF		SSFPM2021-M1		VSEDMOR0000007	Smoke Extract Fan - Maker: Dynair, Model: CDFF 4D/4-0	VSEDMOR000400	PREVENTIVE MAINT	MT-OPS
1799895	1673535	1991645	12/15/2020	1/5/2021	1/15/2021	1/15/2021	1/18/2021	Completed	KWGWN	KWGWPU6	RF		SSFPM2021-M1	ETF_SSSF	VSEDMOR0000008	Jet Exhaust Fan - Maker: Dynair, Model: CDFF 4D/4-0	VSEDMOR000400	PREVENTIVE MAINT	MT-OPS
1799896	1673536	1991646	12/15/2020	1/5/2021	1/15/2021	1/15/2021	1/18/2021	Completed	KWGWN	KWGWPU6	RF		SSFPM2021-M1		VSEDMOR0000009	Smoke Extract Fan - Maker: Dynair, Model: CDFF 4D/4-0	VSEDMOR000400	PREVENTIVE MAINT	MT-OPS
1799897	1673537	1991647	12/15/2020	1/5/2021	1/15/2021	1/15/2021	1/18/2021	Completed	KWGWN	KWGWPU6	RF		SSFPM2021-M1		VSEDMOR0000010	Smoke Extract Fan - Maker: Dynair, Model: CDFF 4D/4-0	VSEDMOR000400	PREVENTIVE MAINT	MT-OPS
1799898	1673538	1991648	12/15/2020	1/5/2021	1/15/2021	1/15/2021	1/18/2021	Completed	KWGWN	KWGWPU6	RF		SSFPM2021-M1		VSEDMOR0000011	Exhaust Fan - Maker: Dynair, Model: CDFF 4D/4-0	VSEDMOR000400	PREVENTIVE MAINT	MT-OPS
1799899	1673539	1991649	12/15/2020	1/5/2021	1/15/2021	1/15/2021	1/18/2021	Completed	KWGWN	KWGWPU6	RF		SSFPM2021-M1		VSEDMOR0000012	Smoke Extract Fan - Maker: Dynair, Model: CDFF 4D/4-0	VSEDMOR000400	PREVENTIVE MAINT	MT-OPS
1799888	1673528	1991638	12/15/2020	1/5/2021	1/15/2021	1/15/2021	1/18/2021	Completed	KWGWN	KWGWPU6	RF		SSFPM2021-M1		VSEDMOR0000001	Smoke Extract Fan - Maker: Dynair, Model: CDFF 4D/4-0	VSEDMOR000400	PREVENTIVE MAINT	MT-OPS
1799889	1673529	1991639	12/15/2020	1/5/2021	1/15/2021	1/15/2021	1/18/2021	Completed	KWGWN	KWGWPU6	RF		SSFPM2021-M1		VSEDMOR0000002	Smoke Extract Fan - Maker: Dynair, Model: CDFF 4D/4-0	VSEDMOR000400	PREVENTIVE MAINT	MT-OPS
1799890	1673530	1991640	12/15/2020	1/5/2021	1/15/2021	1/15/2021	1/18/2021	Completed	KWGWN	KWGWPU6	RF		SSFPM2021-M1		VSEDMOR0000003	Jet Exhaust Fan, Maker: Dynair, Model: PR 3C AO/5 xxxxx	VSEDMOR000400	PREVENTIVE MAINT	MT-OPS
1799891	1673531	1991641	12/15/2020	1/5/2021	1/15/2021	1/15/2021	1/18/2021	Completed	KWGWN	KWGWPU6	RF		SSFPM2021-M1		VSEDMOR0000004	Exhaust Fan, Maker: Dynair, Model: CDFF 4D/4-0	VSEDMOR000400	PREVENTIVE MAINT	MT-OPS
1799892	1673532	1991642	12/15/2020	1/5/2021	1/15/2021	1/15/2021	1/18/2021	Completed	KWGWN	KWGWPU6	RF		SSFPM2021-M1		VSEDMOR0000005	Smoke Extract Fan - Maker: Dynair, Model: PR 2C 4D/4	VSEDMOR000400	PREVENTIVE MAINT	MT-OPS
1799893	1673533	1991643	12/15/2020	1/5/2021	1/15/2021	1/15/2021	1/18/2021	Completed	KWGWN	KWGWPU6	RF		SSFPM2021-M1		VSEDMOR0000006	Smoke Extract Fan - Maker: Dynair, Model: CDFF 4D/4-0	VSEDMOR000400	PREVENTIVE MAINT	MT-OPS
1799894	1673534	1991644	12/15/2020	1/5/2021	1/15/2021	1/15/2021	1/18/2021	Completed	KWGWN	KWGWPU6	RF		SSFPM2021-M1		VSEDMOR0000007	Smoke Extract Fan - Maker: Dynair, Model: CDFF 4D/4-0	VSEDMOR000400	PREVENTIVE MAINT	MT-OPS
1799895	1673535	1991645	12/15/2020	1/5/2021	1/15/2021	1/15/2021	1/18/2021	Completed	KWGWN	KWGWPU6	RF		SSFPM2021-M1	ETF_SSSF	VSEDMOR0000008	Jet Exhaust Fan - Maker: Dynair, Model: CDFF 4D/4-0	VSEDMOR000400	PREVENTIVE MAINT	MT-OPS
1799896	1673536	1991646	12/15/2020	1/5/2021	1/15/2021	1/15/2021	1/18/2021	Completed	KWGWN	KWGWPU6	RF		SSFPM2021-M1		VSEDMOR0000009	Smoke Extract Fan - Maker: Dynair, Model: CDFF 4D/4-0	VSEDMOR000400	PREVENTIVE MAINT	MT-OPS
1799897	1673537	1991647	12/15/2020	1/5/2021	1/15/2021	1/15/2021	1/18/2021	Completed	KWGWN	KWGWPU6	RF		SSFPM2021-M1		VSEDMOR0000010	Smoke Extract Fan - Maker: Dynair, Model: CDFF 4D/4-0	VSEDMOR000400	PREVENTIVE MAINT	MT-OPS
1799898	1673538	1991648	12/15/2020	1/5/2021	1/15/2021	1/15/2021	1/18/2021	Completed	KWGWN	KWGWPU6	RF		SSFPM2021-M1		VSEDMOR0000011	Exhaust Fan - Maker: Dynair, Model: CDFF 4D/4-0	VSEDMOR000400	PREVENTIVE MAINT	MT-OPS
1799899	1673539	1991649	12/15/2020	1/5/2021	1/15/2021	1/15/2021	1/18/2021	Completed	KWGWN	KWGWPU6	RF		SSFPM2021-M1		VSEDMOR0000012	Smoke Extract Fan - Maker: Dynair, Model: CDFF 4D/4-0	VSEDMOR000400	PREVENTIVE MAINT	MT-OPS
1799888	1673528	1991638	12/15/2020	1/5/2021	1/15/2021	1/15/2021	1/18/2021	Completed	KWGWN	KWGWPU6	RF		SSFPM2021-M1		VSEDMOR0000001	Smoke Extract Fan - Maker: Dynair, Model: CDFF 4D/4-0	VSEDMOR000400	PREVENTIVE MAINT	MT-OPS
1799889	1673529	1991639	12/15/2020	1/5/2021	1/15/2021	1/15/2021	1/18/2021	Completed	KWGWN	KWGWPU6	RF		SSFPM2021-M1		VSEDMOR0000002	Smoke Extract Fan - Maker: Dynair, Model: CDFF 4D/4-0	VSEDMOR000400	PREVENTIVE MAINT	MT-OPS
1799890	1673530	1991640	12/15/2020	1/5/2021	1/15/2021	1/15/2021	1/18/2021	Completed	KWGWN	KWGWPU6	RF		SSFPM2021-M1		VSEDMOR0000003	Jet Exhaust Fan, Maker: Dynair, Model: PR 3C AO/5 xxxxx	VSEDMOR000400	PREVENTIVE MAINT	MT-OPS
1799891	1673531	1991641	12/15/2020	1/5/2021	1/15/2021	1/15/2021	1/18/2021	Completed	KWGWN	KWGWPU6	RF		SSFPM2021-M1		VSEDMOR0000004	Exhaust Fan, Maker: Dynair, Model: CDFF 4D/4-0	VSEDMOR000400	PREVENTIVE MAINT	MT-OPS
1799892	1673532	1991642	12/15/2020	1/5/2021	1/15/2021	1/15/2021	1/18/2021	Completed	KWGWN	KWGWPU6	RF		SSFPM2021-M1		VSEDMOR0000005	Smoke Extract Fan - Maker: Dynair, Model: PR 2C 4D/4	VSEDMOR000400	PREVENTIVE MAINT	MT-OPS
1799893	1673533	1991643	12/15/2020	1/5/2021	1/15/2021	1/15/2021	1/18/2021	Completed	KWGWN	KWGWPU6	RF		SSFPM2021-M1		VSEDMOR0000006	Smoke Extract Fan - Maker: Dynair, Model: CDFF 4D/4-0	VSEDMOR000400	PREVENTIVE MAINT	MT-OPS
1799894	1673534	1991644	12/15/2020	1/5/2021	1/15/2021	1/15/2021	1/18/2021	Completed	KWGWN	KWGWPU6	RF		SSFPM2021-M1		VSEDMOR0000007	Smoke Extract Fan - Maker: Dynair, Model: CDFF 4D/4-0	VSEDMOR000400	PREVENTIVE MAINT	MT-OPS
1799895	1673535	1991645	12/15/2020	1/5/2021	1/15/2021	1/15/2021	1/18/2021	Completed	KWGWN	KWGWPU6	RF		SSFPM2021-M1	ETF_SSSF	VSEDMOR0000008	Jet Exhaust Fan - Maker: Dynair, Model: CDFF 4D/4-0	VSEDMOR000400	PREVENTIVE MAINT	MT-OPS
1799896	1673536	1991646	12/15/2020	1/5/2021	1/15/2021	1/15/2021	1/18/2021	Completed	KWGWN	KWGWPU6	RF		SSFPM2021-M1		VSEDMOR0000009	Smoke Extract Fan - Maker: Dynair, Model: CDFF 4D/4-0	VSEDMOR000400	PREVENTIVE MAINT	MT-OPS
1799897	1673537	1991647	12/15/2020	1/5/2021	1/15/2021	1/15/2021	1/18/2021	Completed	KWGWN	KWGWPU6	RF		SSFPM2021-M1		VSEDMOR0000010	Smoke Extract Fan - Maker: Dynair, Model: CDFF 4D/4-0	VSEDMOR000400	PREVENTIVE MAINT	MT-OPS
1799898	1673538	1991648	12/15/2020	1/5/2021	1/15/2021	1/15/2021	1/18/2021	Completed	KWGWN	KWGWPU6	RF		SSFPM2021-M1		VSEDMOR0000011	Exhaust Fan - Maker: Dynair, Model: CDFF 4D/4-0	VSEDMOR000400	PREVENTIVE MAINT	MT-OPS
1799899	1673539	1991649	12/15/2020	1/5/2021	1/15/2021	1/15/2021	1/18/2021	Completed	KWGWN	KWGWPU6	RF		SSFPM2021-M1		VSEDMOR0000012	Smoke Extract Fan - Maker: Dynair, Model: CDFF 4D/4-0	VSEDMOR000400	PREVENTIVE MAINT	MT-OPS
1799888	1673528	1991638	12/15/2020	1/5/2021	1/15/2021	1/15/2021	1/18/2021	Completed	KWGWN	KWGWPU6	RF		SSFPM2021-M1		VSEDMOR0000001	Smoke Extract Fan - Maker: Dynair, Model: CDFF 4D/4-0	VSEDMOR000400	PREVENTIVE MAINT	MT-OPS
1799889	1673529	1991639	12/15/2020	1/5/2021	1/15/2021	1/15/2021	1/18/2021	Completed	KWGWN	KWGWPU6	RF		SSFPM2021-M1		VSEDMOR0000002	Smoke Extract Fan - Maker: Dynair, Model: CDFF 4D/4-0	VSEDMOR000400	PREVENTIVE MAINT	MT-OPS
1799890	1673530	1991640	12/15/2020	1/5/2021	1/15/2021	1/15/2021	1/18/2021	Completed	KWGWN	KWGWPU6	RF		SSFPM2021-M1		VSEDMOR0000003	Jet Exhaust Fan, Maker: Dynair, Model: PR 3C AO/5 xxxxx	VSEDMOR000400	PREVENTIVE MAINT	MT-OPS
1799891	1673531	1991641	12/15/2020	1/5/2021	1/15/2021	1/15/2021	1/18/2021	Completed	KWGWN	KWGWPU6	RF		SSFPM2021-M1		VSEDMOR0000004	Exhaust Fan, Maker: Dynair, Model: CDFF 4D/4-0	VSEDMOR000400	PREVENTIVE MAINT	MT-OPS
1799892	1673532	1991642	12/15/2020	1/5/2021	1/15/2021	1/15/2021	1/18/2021	Completed	KWGWN	KWGWPU6	RF		SSFPM2021-M1		VSEDMOR0000005	Smoke Extract Fan - Maker: Dynair, Model: PR 2C 4D/4	VSEDMOR000400	PREVENTIVE MAINT	MT-OPS
1799893	1673533	1991643	12/15/2020	1/5/2021	1/15/2021	1/15/2021	1/18/2021	Completed	KWGWN	KWGWPU6	RF		SSFPM2021-M1		VSEDMOR0000006	Smoke Extract Fan - Maker: Dynair, Model: CDFF 4D/4-0	VSEDMOR000400	PREVENTIVE MAINT	MT-OPS
1799894	1673534	1991644	12/15/2020	1/5/2021	1/15/2021	1/15/2021	1/18/2021	Completed	KWGWN	KWGWPU6	RF		SSFPM2021-M1		VSEDMOR0000007	Smoke Extract Fan - Maker: Dynair, Model: CDFF 4D/4-0	VSEDMOR000400	PREVENTIVE MAINT	MT-OPS
1799895	1673535	1991645	12/15/2020	1/5/2021	1/15/2021	1/15/2021	1/18/2021	Completed	KWGWN	KWGWPU6	RF		SSFPM2021-M1	ETF_SSSF	VSEDMOR0000008	Jet Exhaust Fan - Maker: Dynair, Model: CDFF 4D/4-0	VSEDMOR000400	PREVENTIVE MAINT	MT-OPS
1799896	1673536	1991646	12/15/2020	1/5/2021	1/15/2021	1/15/2021	1/18/2021	Completed	KWGWN	KWGWPU6	RF		SSFPM2021-M1		VSEDMOR0000009	Smoke Extract Fan - Maker: Dynair, Model: CDFF 4D/4-0	VSEDMOR000400	PREVENTIVE MAINT	MT-OPS
1799897	1673537	1991647	12/15/2020	1/5/2021	1/15/2021	1/15/2021	1/18/2021	Completed	KWGWN	KWGWPU6	RF		SSFPM2021-M1		VSEDMOR0000010	Smoke Extract Fan - Maker: Dynair, Model: CDFF 4D/4-0	VSEDMOR000400	PREVENTIVE MAINT	MT-OPS
1799898	1673538	1991648	12/15/2020	1/5/2021	1/15/2021	1/15/2021	1/18/2021	Completed	KWGWN	KWGWPU6	RF		SSFPM2021-M1		VSEDMOR0000011	Exhaust Fan - Maker: Dynair, Model: CDFF 4D/4-0	VSEDMOR000400	PREVENTIVE MAINT	MT-OPS
1799899	1673539	1991649	12/15/2020	1/5/2021	1/15/2021	1/15/2021	1/18/2021	Completed	KWGWN	KWGWPU6	RF		SSFPM2021-M1		VSEDMOR0000012	Smoke Extract Fan - Maker: Dynair, Model: CDFF 4D/4-0	VSEDMOR000400	PREVENTIVE MAINT	MT-OPS
1799888	1673528	1991638	12/15/2020	1/5/2021	1/15/2021	1/15/2021	1/18/2021	Completed	KWGWN	KWGWPU6	RF		SSFPM2021-M1		VSEDMOR0000001	Smoke Extract Fan - Maker: Dynair, Model: CDFF 4D/4-0	VSEDMOR000400	PREVENTIVE MAINT	MT-OPS
1799889	1673529	1991639	12/15/2020	1/5/2021	1/15/2021	1/15/2021	1/18/2021	Completed	KWGWN	KWGWPU6	RF		SSFPM2021-M1		VSEDMOR0000002	Smoke Extract Fan - Maker: Dynair, Model: CDFF 4D/4-0	VSEDMOR000400	PREVENTIVE MAINT	MT-OPS
1799890	1673530	1991640	12/15/2020	1/5/2021	1/15/2021	1/15/2021	1/18/2021	Completed	KWGWN	KWGWPU6	RF		SSFPM2021-M1		VSEDMOR0000003	Jet Exhaust Fan, Maker: Dynair, Model: PR 3C AO/5 xxxxx	VSEDMOR000400	PREVENTIVE MAINT	MT-OPS
1799891	1673531	1991641	12/15/2020	1/5/2021	1/15/2021	1/15/2021	1/18/2021	Completed	KWGWN	KWGWPU6	RF		SSFPM2021-M1		VSEDMOR0000004	Exhaust Fan, Maker: Dynair, Model: CDFF 4D/4-0	VSEDMOR000400	PREVENTIVE MAINT	MT-OPS
1799892	1673532	1991642	12/15/2020	1/5/2021	1/15/2021	1/15/2021	1/18/2021	Completed	KWGWN	KWGWPU6	RF		SSFPM2021-M1		VSEDMOR0000005	Smoke Extract Fan - Maker: Dynair, Model: PR 2C 4D/4	VSEDMOR000400	PREVENTIVE MAINT	MT-OPS
1799893	1673533	1991643	12/15/2020	1/5/2021	1/15/2021	1/15/2021	1/18/2021	Completed	KWGWN	KWGWPU6	RF		SSFPM2021-M1		VSEDMOR0000006	Smoke Extract Fan - Maker: Dynair, Model: CDFF 4D/4-0	VSEDMOR000400	PREVENTIVE MAINT	MT-OPS
1799894	1673534	1991644	12/15/2020	1/5/2021	1/15/2021	1/15/2021	1/18/2021	Completed	KWGWN	KWGWPU6	RF		SSFPM2021-M1		VSEDMOR0000007	Smoke Extract Fan - Maker: Dynair, Model: CDFF 4D/4-0	VSEDMOR000400	PREVENTIVE MAINT	MT-OPS
1799895	1673535	1991645	12/15/2020	1/5/2021	1/15/2021	1/15/2021	1/18/2021	Completed	KWGWN	KWGWPU6	RF		SSFPM2021-M1	ETF_SSSF	VSEDMOR0000008	Jet Exhaust Fan - Maker: Dynair, Model: CDFF 4D/4-0	VSEDMOR000400	PREVENTIVE MAINT	MT-OPS
1799896	1673536	1991646	12/15/2020	1/5/2021	1/15/2021	1/15/2021	1/18/2021	Completed	KWGWN	KWGWPU6	RF		SSFPM2021-M1		VSEDMOR0000009	Smoke Extract Fan - Maker: Dynair, Model: CDFF 4D/4-0	VSEDMOR000400	PREVENTIVE MAINT	MT-OPS
1799897	1673537	1991647	12/15/2020	1/5/2021	1/15/2021	1/15/2021	1/18/2021	Completed	KWGWN	KWGWPU6	RF		SSFPM2021-M1		VSEDMOR0000010	Smoke Extract Fan - Maker: Dynair, Model: CDFF 4D/4-0	VSEDMOR000400	PREVENTIVE MAINT	MT-OPS
1799898	1673538	1991648	12/15/2020	1/5/2021	1/15/2021	1/15/2021	1/18/2021	Completed	KWGWN	KWGWPU6	RF		SSFPM2021-M1		VSEDMOR0000011	Exhaust Fan - Maker: Dynair, Model: CDFF 4D/4-0	VSEDMOR000400	PREVENTIVE MAINT	MT-OPS
1799899	1673539	1991649	12/15/2020	1/5/2021	1/15/2021	1/15/2021	1/18/2021	Completed	KWGWN	KWGWPU6	RF		SSFPM2021-M1		VSEDMOR0000012	Smoke Extract Fan - Maker: Dynair, Model: CDFF 4D/4-0	VSEDMOR000400	PREVENTIVE MAINT	MT-OPS
1799888	1673528	1991638	12/15/2020	1/5/2021	1/15/2021	1/15/2021	1/18/2021	Completed	KWGWN	KWGWPU6	RF		SSFPM2021-M1		VSEDMOR0000001	Smoke Extract Fan - Maker: Dynair, Model: CDFF 4D/4-0	VSEDMOR000400	PREVENTIVE MAINT	MT-OPS
1799889	1673529	1991639	12/15/2020	1/5/2021	1/15/2021	1/15/2021	1/18/2021	Completed	KWGWN	KWGWPU6	RF		SSFPM2021-M1		VSEDMOR0000002	Smoke Extract Fan - Maker: Dynair, Model: CDFF 4D/4-0	VSEDMOR000400	PREVENTIVE MAINT	MT-OPS
1799890	1673530	1991640	12/15/2020	1/5/2021	1/15/2021	1/15/2021	1/18/2021	Completed	KWGWN	KWGWPU6	RF		SSFPM2021-M1		VSEDMOR0000003	Jet Exhaust Fan, Maker: Dynair, Model: PR 3C AO/5 xxxxx	VSEDMOR000400	PREVENTIVE MAINT	MT-OPS
1799891	1673531	1991641	12/15/2020	1/5/2021	1/15/2021	1/15/2021	1/18/2021	Completed	KWGWN	KWGWPU6	RF		SSFPM2021-M1		VSEDMOR0000004	Exhaust Fan, Maker: Dynair, Model: CDFF 4D/4-0	VSEDMOR000400	PREVENTIVE MAINT	MT-OPS
1799892	1673532	1991642	12/15/2020	1/5/2021	1/15/2021	1/15/2021	1/18/2021	Completed	KWGWN	KWGWPU6	RF		SSFPM2021-M1		VSEDMOR0000005	Smoke Extract Fan - Maker: Dynair, Model: PR 2C 4D/4	VSEDMOR000400	PREVENTIVE MAINT	MT-OPS
1799893	1673533	1991643	12/15/2020	1/5/2021	1/15/2021	1/15/2021	1/18/2021	Completed	KWGWN	KWGWPU6	RF		SSFPM2021-M1		VSEDMOR0000006	Smoke Extract Fan - Maker: Dynair, Model: CDFF 4D/4-0	VSEDMOR000400	PREVENTIVE MAINT	MT-OPS
1799894	1673534	1991644	12/15/2020	1/5/2021	1/15/2021	1/15/2021	1/18/2021	Completed	KWGWN	KWGWPU6	RF		SSFPM2021-M1		VSEDMOR0000007	Smoke Extract Fan - Maker: Dynair, Model: CDFF 4D/4-0	VSEDMOR000400	PREVENTIVE MAINT	MT-OPS
1799895	1673535	1991645	12/15/2020	1/5/2021	1/15/2021	1/15/2021	1/18/2021	Completed	KWGWN	KWGWPU6	RF		SSFPM2021-M1	ETF_SSSF	VSEDMOR0000008	Jet Exhaust Fan - Maker: Dynair, Model: CDFF 4D/4-0	VSEDMOR000400	PREVENTIVE MAINT	MT-OPS
1799896	1673536	1991646	12/15/2020	1/5/2021	1/15/2021	1/15/2021	1/18/2021	Completed	KWGWN	KWGWPU6	RF		SSFPM2021-M1		VSEDMOR0000009	Smoke Extract Fan - Maker: Dynair, Model: CDFF 4D/4-0	VSEDMOR000400	PREVENTIVE MAINT	MT-OPS
1799897	1673537	1991647	12/15/2020	1/5/2021	1/15/2021	1/15/2021	1/18/2021	Completed	KWGWN	KWGWPU6	RF		SSFPM2021-M1		VSEDMOR0000010	Smoke Extract Fan - Maker: Dynair, Model: CDFF 4D/4-0	VSEDMOR000400	PREVENTIVE MAINT	MT-OPS
1799898	1673538	1991648	12/15/2020	1/5/2021	1/15/2021	1/15/2021	1/18/2021	Completed	KWGWN	KWGWPU6	RF		SSFPM2021-M1		VSEDMOR0000011	Exhaust Fan - Maker: Dynair, Model: CDFF 4D/4-0	VSEDMOR000400	PREVENTIVE MAINT	MT-OPS
1799899	1673539	1991649	12/15/2020	1/5/2021	1/15/2021	1/15/2021	1/18/2021	Completed	KWGWN	KWGWPU6	RF		SSFPM2021-M1		VSEDMOR0000012	Smoke Extract Fan - Maker: Dynair, Model: CDFF 4D/4-0	VSEDMOR000400	PREVENTIVE MAINT	MT-OPS
1799888	1673528	1991638	12/15/2020	1/5/2021	1/15/2021	1/15/2021	1/18/2021	Completed	KWGWN	KWGWPU6	RF		SSFPM2021-M1		VSEDMOR0000001	Smoke Extract Fan - Maker: Dynair, Model: CDFF 4D/4-0	VSEDMOR000400	PREVENTIVE MAINT	MT-OPS
1799889	1673529	1991639	12/15/2020	1/5/2021	1/15/2021	1/15/2021	1/18/2021	Completed	KWGWN	KWGWPU6	RF		SSFPM2021-M1		VSEDMOR0000002	Smoke Extract Fan - Maker: Dynair, Model: CDFF 4D/4-0	VSEDMOR000400	PREVENTIVE MAINT	MT-OPS
1799890	1673530	1991640	12/15/2020	1/5/2021	1/15/2021	1/15/2021	1/18/2021	Completed	KWGWN	KWGWPU6	RF		SSFPM2021-M1		VSEDMOR0000003	Jet Exhaust Fan, Maker: Dynair, Model: PR 3C AO/5 xxxxx	VSEDMOR000400	PREVENTIVE MAINT	MT-OPS
1799891	1673531	1991641	12/15/2020	1/5/2021	1/15/2021	1/15/2021	1/18/2021	Completed	KWGWN	KWGWPU6	RF		SSFPM2021-M1		VSEDMOR0000004	Exhaust Fan, Maker: Dynair, Model: CDFF 4D/4-0	VSEDMOR000400	PREVENTIVE MAINT	MT-OPS
1799892	1673532	1991642	12/15/2020	1/5/2021	1/15/2021	1/15/2021	1/18/2021	Completed	KWGWN	KWGWPU6	RF		SSFPM2021-M1		VSEDMOR0000005	Smoke Extract Fan - Maker: Dynair, Model: PR 2C 4D/4	VSEDMOR000400	PREVENTIVE MAINT	MT-OPS
1799893	1673533	1991643	12/15/2020	1/5/2021	1/15/2021	1/15/2021	1/18/2021	Completed	KWGWN	KWGWPU6	RF		SSFPM2021-M1		VSEDMOR0000006	Smoke Extract Fan - Maker: Dynair, Model: CDFF 4D/4-0	VSEDMOR000400	PREVENTIVE MAINT	MT-OPS
1799894	1673534	1991644	12/15/2020	1/5/2021	1/15/2021	1/15/2021	1/18/2021	Completed	KWGWN	KWGWPU6	RF		SSFPM2021-M1		VSEDMOR0000007	Smoke Extract Fan - Maker: Dynair, Model: CDFF 4D/4-0	VSEDMOR000400	PREVENTIVE MAINT	MT-OPS
1799895	1673535	1991645	12/15/2020	1/5/2021	1/15/2021	1/15/2021	1/18/2021	Completed	KWGWN	KWGWPU6	RF		SSFPM2021-M1	ETF_SSSF	VSEDMOR0000008	Jet Exhaust Fan - Maker: Dynair, Model: CDFF 4D/4-0	VSEDMOR000400	PREVENTIVE MAINT	MT-OPS
1799896	1673536	1991646	12/15/2020	1/5/2021	1/15/2021	1/15/2021	1/18/2021	Completed	KWGWN	KWGWPU6	RF		SSFPM2021-M1		VSEDMOR0000009	Smoke Extract Fan - Maker: Dynair, Model: CDFF 4D/4-0	VSEDMOR000400	PREVENTIVE MAINT	MT-OPS
1799897	1673537	1991647	12/15/2020	1/5/2021	1/15/2021	1/15/2021	1/18/2021	Completed	KWGWN	KWGWPU6	RF		SSFPM2021-M1		VSEDMOR0000010	Smoke Extract Fan - Maker: Dynair, Model: CDFF 4D/4-0	VSEDMOR000400	PREVENTIVE MAINT	MT-OPS
1799898	1673538	1991648	12/15/2020	1/5/2021	1/15/2021	1/15/2021	1/18/2021	Completed	KWGWN	KWGWPU6	RF		SSFPM2021-M1		VSEDMOR0000011	Exhaust Fan - Maker: Dynair, Model: CDFF 4D/4-0	VSEDMOR000400	PREVENTIVE MAINT	MT-OPS
1799899	1673539	1991649	12/15/2020	1/5/2021	1/15/2021	1/15/2021	1/18/2021	Completed	KWGWN	KWGWPU6	RF		SSFPM2021-M1		VSEDMOR0000012	Smoke Extract Fan - Maker: Dynair, Model: CDFF 4D/4-0	VSEDMOR000400	PREVENTIVE MAINT	MT-OPS
1799888	1673528	1991638	12/15/2020	1/5/2021	1/15/2021	1/15/2021	1/18/2021	Completed	KWGWN	KWGWPU6	RF		SSFPM2021-M1		VSEDMOR0000001	Smoke Extract Fan - Maker: Dynair, Model: CDFF 4D/4-0	VSEDMOR000400	PREVENTIVE MAINT	MT-OPS
1799889	1673529	1991639	12/15/2020	1/5/2021	1/15/2021	1/15/2021	1/18/2021	Completed	KWGWN	KWGWPU6	RF		SSFPM2021-M1		VSEDMOR0000002	Smoke Extract Fan - Maker: Dynair, Model: CDFF 4D/4-0	VSEDMOR000400	PREVENTIVE MAINT	MT-OPS
1799890	1673530	1991640	12/15/2020	1/5/2021	1/15/2021	1/15/2021	1/18/2021	Completed	KWGWN	KWGWPU6	RF		SSFPM2021-M1		VSEDMOR0000003	Jet Exhaust Fan, Maker: Dynair, Model: PR 3C AO/5 xxxxx	VSEDMOR000400	PREVENTIVE MAINT	MT-OPS
